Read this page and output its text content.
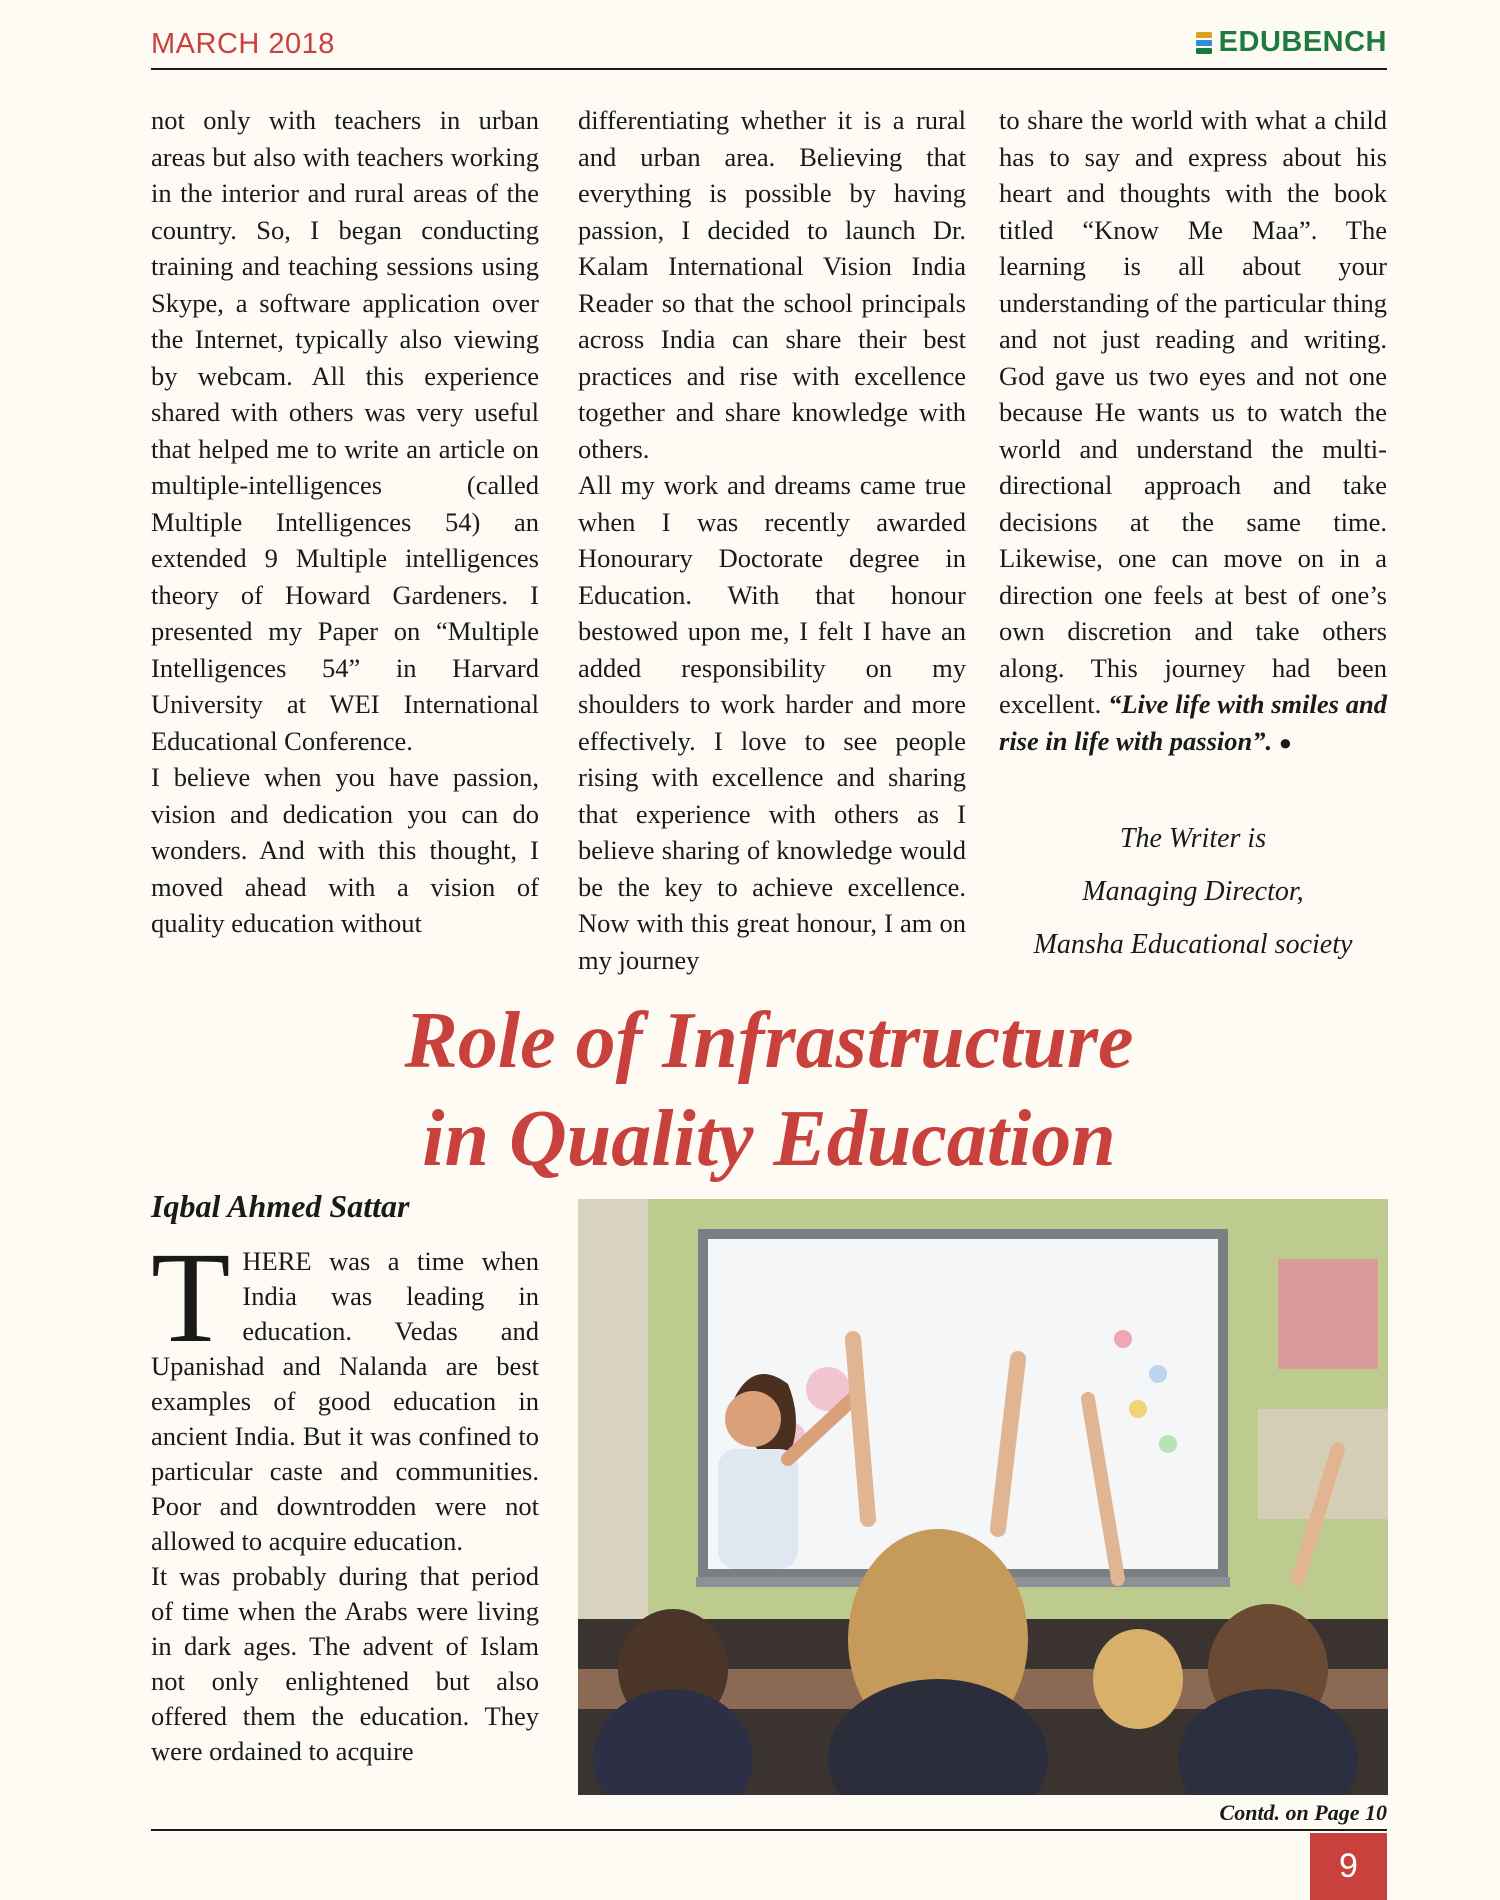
MARCH 2018	EDUBENCH

not only with teachers in urban areas but also with teachers working in the interior and rural areas of the country. So, I began conducting training and teaching sessions using Skype, a software application over the Internet, typically also viewing by webcam. All this experience shared with others was very useful that helped me to write an article on multiple-intelligences (called Multiple Intelligences 54) an extended 9 Multiple intelligences theory of Howard Gardeners. I presented my Paper on “Multiple Intelligences 54” in Harvard University at WEI International Educational Conference.

I believe when you have passion, vision and dedication you can do wonders. And with this thought, I moved ahead with a vision of quality education without

differentiating whether it is a rural and urban area. Believing that everything is possible by having passion, I decided to launch Dr. Kalam International Vision India Reader so that the school principals across India can share their best practices and rise with excellence together and share knowledge with others.

All my work and dreams came true when I was recently awarded Honourary Doctorate degree in Education. With that honour bestowed upon me, I felt I have an added responsibility on my shoulders to work harder and more effectively. I love to see people rising with excellence and sharing that experience with others as I believe sharing of knowledge would be the key to achieve excellence. Now with this great honour, I am on my journey

to share the world with what a child has to say and express about his heart and thoughts with the book titled “Know Me Maa”. The learning is all about your understanding of the particular thing and not just reading and writing. God gave us two eyes and not one because He wants us to watch the world and understand the multi-directional approach and take decisions at the same time. Likewise, one can move on in a direction one feels at best of one’s own discretion and take others along. This journey had been excellent. “Live life with smiles and rise in life with passion”. ●

The Writer is
Managing Director,
Mansha Educational society
Role of Infrastructure
in Quality Education
Iqbal Ahmed Sattar

THERE was a time when India was leading in education. Vedas and Upanishad and Nalanda are best examples of good education in ancient India. But it was confined to particular caste and communities. Poor and downtrodden were not allowed to acquire education.

It was probably during that period of time when the Arabs were living in dark ages. The advent of Islam not only enlightened but also offered them the education. They were ordained to acquire

Contd. on Page 10
9
